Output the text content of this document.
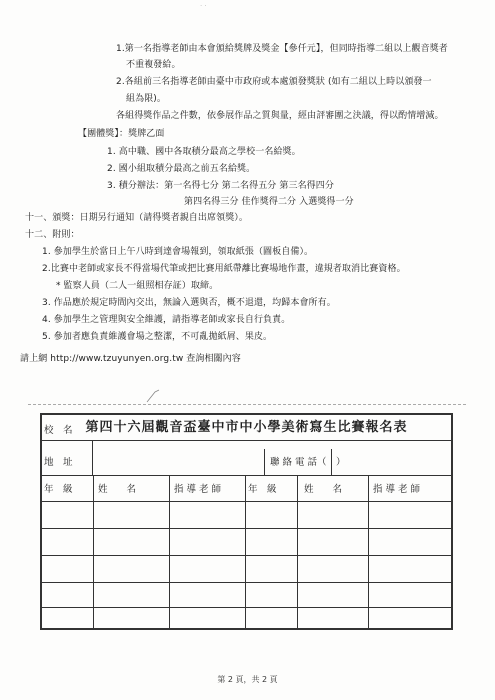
· ·
1.第一名指導老師由本會頒給獎牌及獎金【參仟元】，但同時指導二組以上觀音獎者
不重複發給。
2.各組前三名指導老師由臺中市政府或本處頒發獎狀 (如有二組以上時以頒發一
組為限)。
各組得獎作品之件數，依參展作品之質與量，經由評審團之決議，得以酌情增減。
【團體獎】：獎牌乙面
1. 高中職、國中各取積分最高之學校一名給獎。
2. 國小組取積分最高之前五名給獎。
3. 積分辦法：第一名得七分 第二名得五分 第三名得四分
第四名得三分 佳作獎得二分 入選獎得一分
十一、頒獎：日期另行通知（請得獎者親自出席領獎）。
十二、附則：
1. 參加學生於當日上午八時到達會場報到，領取紙張（圖板自備）。
2.比賽中老師或家長不得當場代筆或把比賽用紙帶離比賽場地作畫，違規者取消比賽資格。
* 監察人員（二人一組照相存証）取締。
3. 作品應於規定時間內交出，無論入選與否，概不退還，均歸本會所有。
4. 參加學生之管理與安全維護，請指導老師或家長自行負責。
5. 參加者應負責維護會場之整潔，不可亂拋紙屑、果皮。
請上網 http://www.tzuyunyen.org.tw 查詢相關內容
第四十六屆觀音盃臺中市中小學美術寫生比賽報名表
校　名
地　址	聯 絡 電 話（　）
年　級	姓　　名	指 導 老 師	年　級	姓　　名	指 導 老 師
第 2 頁，共 2 頁
